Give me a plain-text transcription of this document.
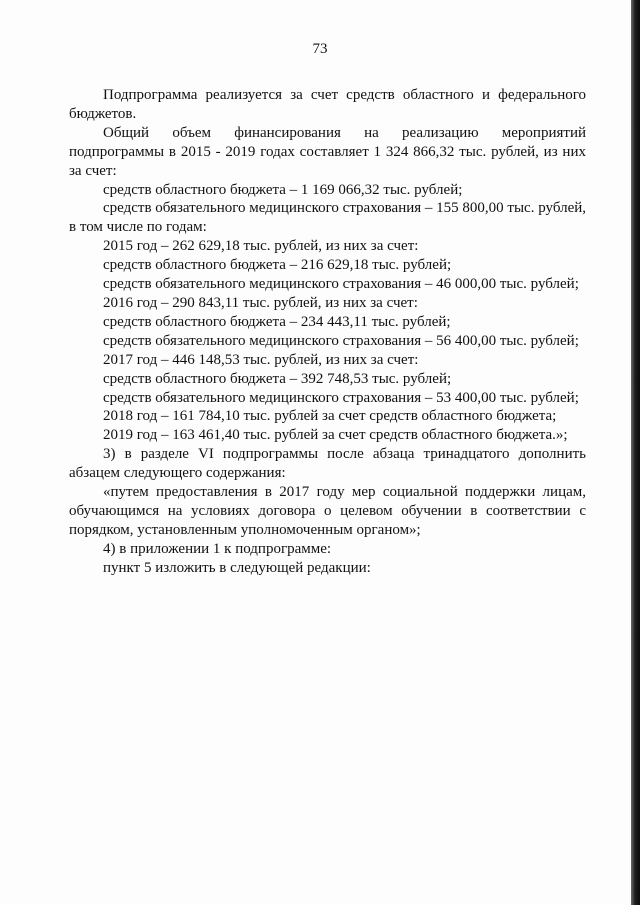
73

Подпрограмма реализуется за счет средств областного и федерального бюджетов.

Общий объем финансирования на реализацию мероприятий подпрограммы в 2015 - 2019 годах составляет 1 324 866,32 тыс. рублей, из них за счет:

средств областного бюджета – 1 169 066,32 тыс. рублей;

средств обязательного медицинского страхования – 155 800,00 тыс. рублей, в том числе по годам:

2015 год – 262 629,18 тыс. рублей, из них за счет:

средств областного бюджета – 216 629,18 тыс. рублей;

средств обязательного медицинского страхования – 46 000,00 тыс. рублей;

2016 год – 290 843,11 тыс. рублей, из них за счет:

средств областного бюджета – 234 443,11 тыс. рублей;

средств обязательного медицинского страхования – 56 400,00 тыс. рублей;

2017 год – 446 148,53 тыс. рублей, из них за счет:

средств областного бюджета – 392 748,53 тыс. рублей;

средств обязательного медицинского страхования – 53 400,00 тыс. рублей;

2018 год – 161 784,10 тыс. рублей за счет средств областного бюджета;

2019 год – 163 461,40 тыс. рублей за счет средств областного бюджета.»;

3) в разделе VI подпрограммы после абзаца тринадцатого дополнить абзацем следующего содержания:

«путем предоставления в 2017 году мер социальной поддержки лицам, обучающимся на условиях договора о целевом обучении в соответствии с порядком, установленным уполномоченным органом»;

4) в приложении 1 к подпрограмме:

пункт 5 изложить в следующей редакции:
